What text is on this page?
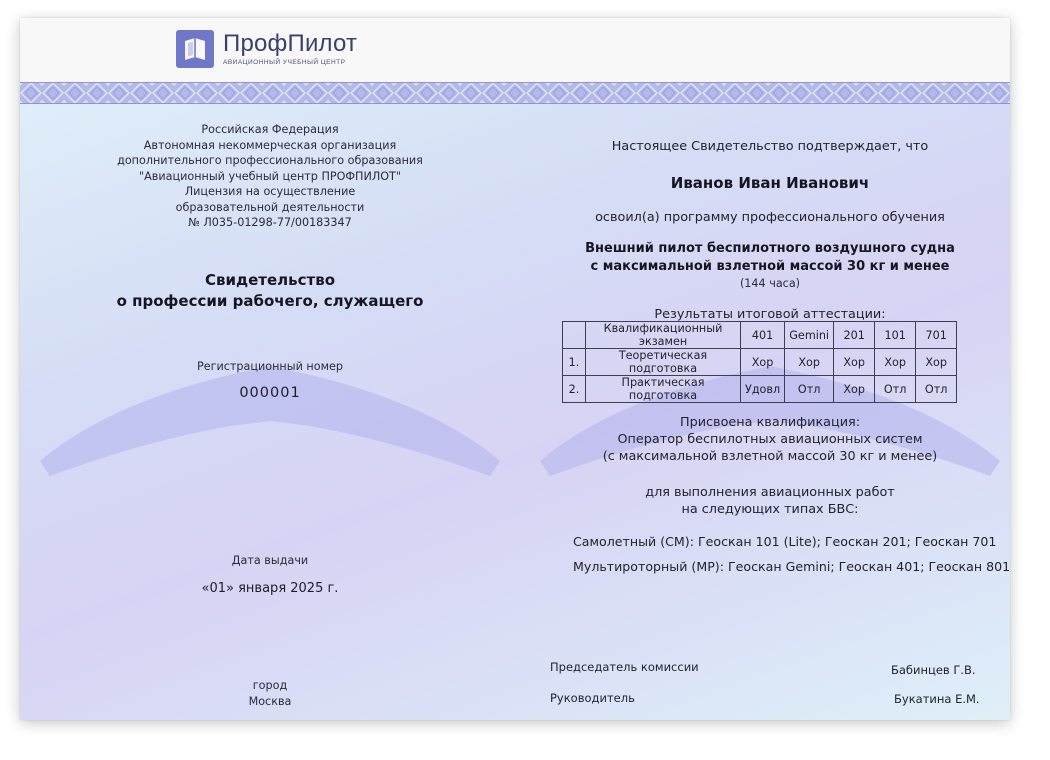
ПрофПилот
АВИАЦИОННЫЙ УЧЕБНЫЙ ЦЕНТР
Российская Федерация
Автономная некоммерческая организация
дополнительного профессионального образования
"Авиационный учебный центр ПРОФПИЛОТ"
Лицензия на осуществление
образовательной деятельности
№ Л035-01298-77/00183347
Свидетельство
о профессии рабочего, служащего
Регистрационный номер
000001
Дата выдачи
«01» января 2025 г.
город
Москва
Настоящее Свидетельство подтверждает, что
Иванов Иван Иванович
освоил(а) программу профессионального обучения
Внешний пилот беспилотного воздушного судна
с максимальной взлетной массой 30 кг и менее
(144 часа)
Результаты итоговой аттестации:
Присвоена квалификация:
Оператор беспилотных авиационных систем
(с максимальной взлетной массой 30 кг и менее)
для выполнения авиационных работ
на следующих типах БВС:
Самолетный (СМ): Геоскан 101 (Lite); Геоскан 201; Геоскан 701
Мультироторный (МР): Геоскан Gemini; Геоскан 401; Геоскан 801
Председатель комиссии	Бабинцев Г.В.
Руководитель	Букатина Е.М.
	Квалификационный экзамен	401	Gemini	201	101	701
1.	Теоретическая подготовка	Хор	Хор	Хор	Хор	Хор
2.	Практическая подготовка	Удовл	Отл	Хор	Отл	Отл
